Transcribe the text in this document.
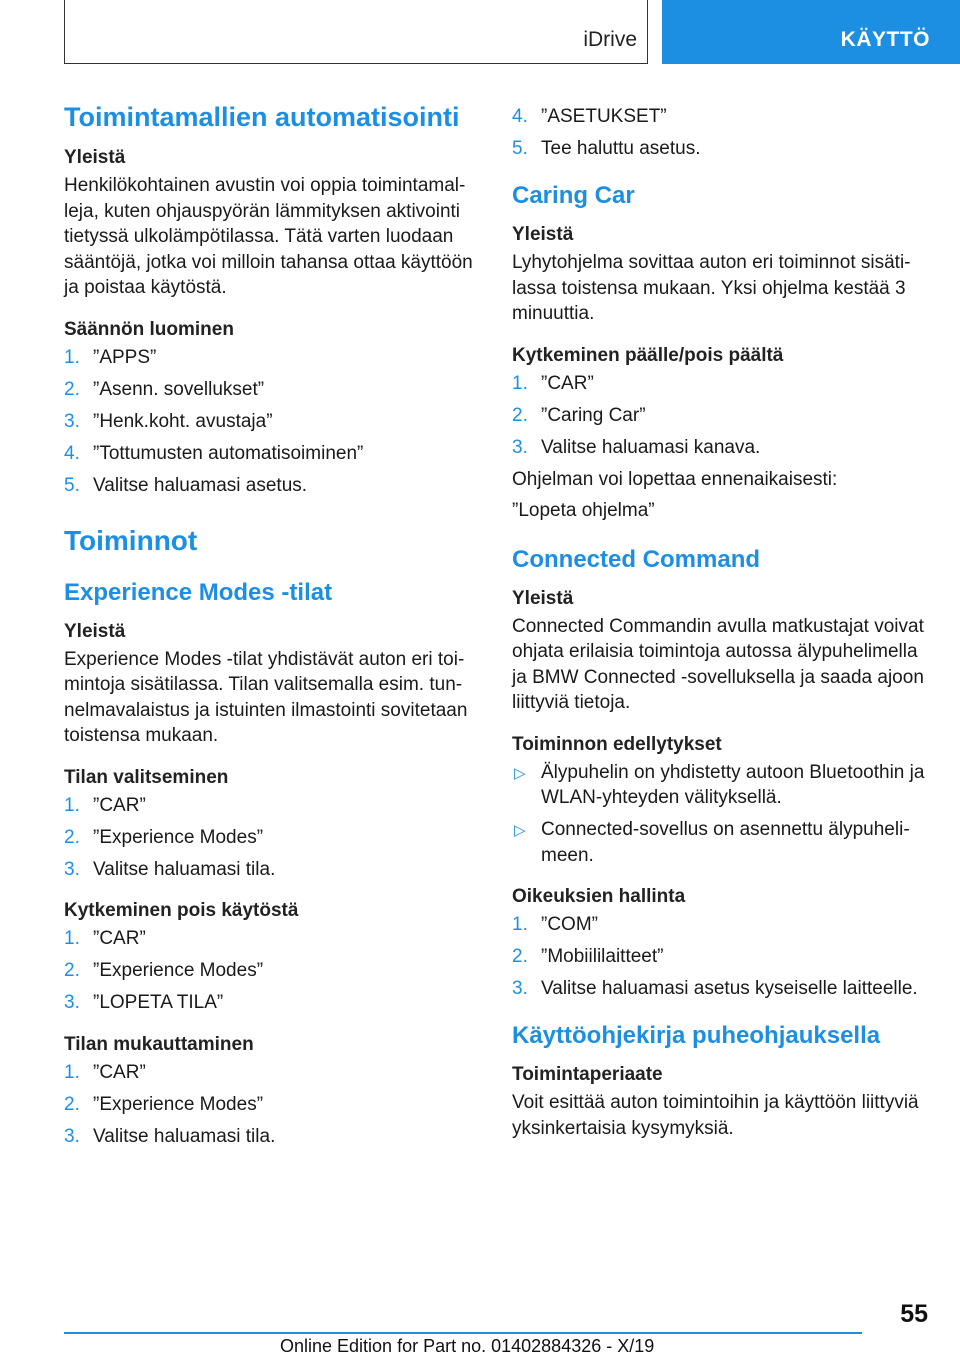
iDrive	KÄYTTÖ
Toimintamallien automatisointi
Yleistä

Henkilökohtainen avustin voi oppia toimintamalleja, kuten ohjauspyörän lämmityksen aktivointi tietyssä ulkolämpötilassa. Tätä varten luodaan sääntöjä, jotka voi milloin tahansa ottaa käyttöön ja poistaa käytöstä.

Säännön luominen
1. ”APPS”
2. ”Asenn. sovellukset”
3. ”Henk.koht. avustaja”
4. ”Tottumusten automatisoiminen”
5. Valitse haluamasi asetus.
Toiminnot
Experience Modes -tilat
Yleistä

Experience Modes -tilat yhdistävät auton eri toimintoja sisätilassa. Tilan valitsemalla esim. tunnelmavalaistus ja istuinten ilmastointi sovitetaan toistensa mukaan.

Tilan valitseminen
1. ”CAR”
2. ”Experience Modes”
3. Valitse haluamasi tila.
Kytkeminen pois käytöstä
1. ”CAR”
2. ”Experience Modes”
3. ”LOPETA TILA”
Tilan mukauttaminen
1. ”CAR”
2. ”Experience Modes”
3. Valitse haluamasi tila.
4. ”ASETUKSET”
5. Tee haluttu asetus.
Caring Car
Yleistä

Lyhytohjelma sovittaa auton eri toiminnot sisätilassa toistensa mukaan. Yksi ohjelma kestää 3 minuuttia.

Kytkeminen päälle/pois päältä
1. ”CAR”
2. ”Caring Car”
3. Valitse haluamasi kanava.

Ohjelman voi lopettaa ennenaikaisesti:

”Lopeta ohjelma”

Connected Command
Yleistä

Connected Commandin avulla matkustajat voivat ohjata erilaisia toimintoja autossa älypuhelimella ja BMW Connected -sovelluksella ja saada ajoon liittyviä tietoja.

Toiminnon edellytykset
▷ Älypuhelin on yhdistetty autoon Bluetoothin ja WLAN-yhteyden välityksellä.
▷ Connected-sovellus on asennettu älypuhelimeen.
Oikeuksien hallinta
1. ”COM”
2. ”Mobiililaitteet”
3. Valitse haluamasi asetus kyseiselle laitteelle.
Käyttöohjekirja puheohjauksella
Toimintaperiaate

Voit esittää auton toimintoihin ja käyttöön liittyviä yksinkertaisia kysymyksiä.

55
Online Edition for Part no. 01402884326 - X/19
